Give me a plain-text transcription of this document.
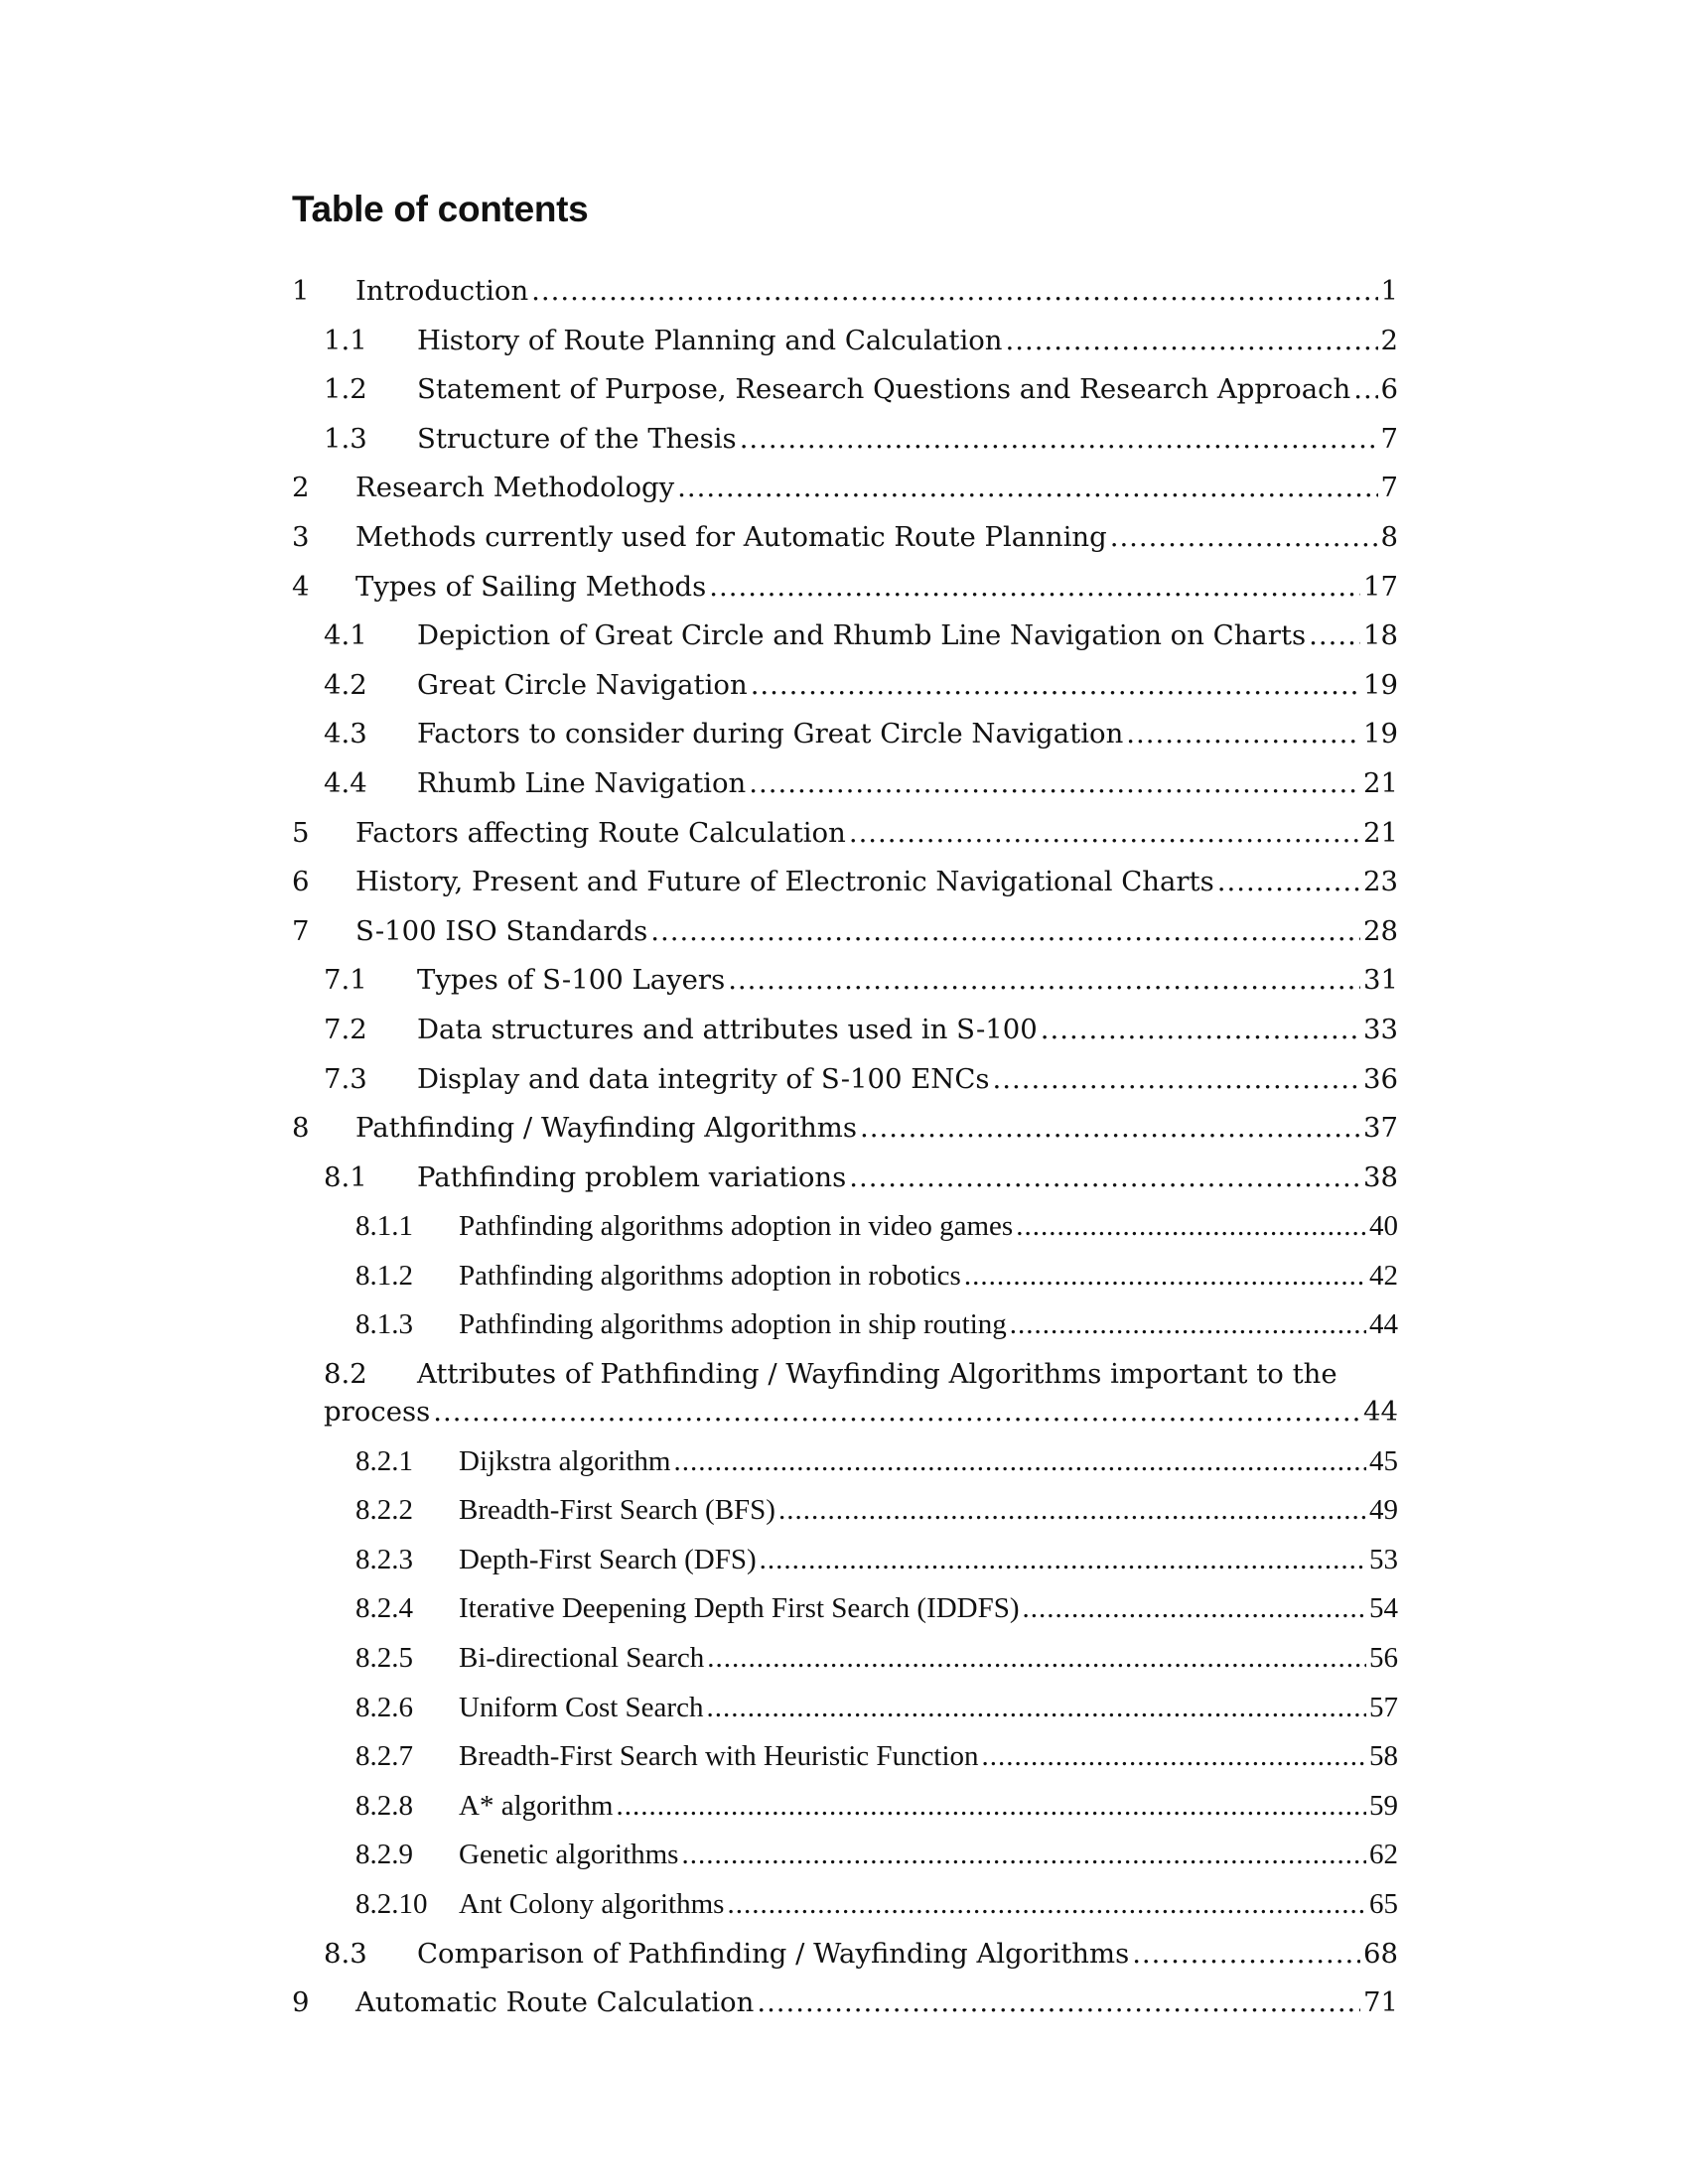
Table of contents
1	Introduction .....	1
1.1	History of Route Planning and Calculation .....	2
1.2	Statement of Purpose, Research Questions and Research Approach ..... 6
1.3	Structure of the Thesis .....	7
2	Research Methodology .....	7
3	Methods currently used for Automatic Route Planning .....	8
4	Types of Sailing Methods .....	17
4.1	Depiction of Great Circle and Rhumb Line Navigation on Charts ..... 18
4.2	Great Circle Navigation .....	19
4.3	Factors to consider during Great Circle Navigation .....	19
4.4	Rhumb Line Navigation .....	21
5	Factors affecting Route Calculation .....	21
6	History, Present and Future of Electronic Navigational Charts .....	23
7	S-100 ISO Standards .....	28
7.1	Types of S-100 Layers .....	31
7.2	Data structures and attributes used in S-100 .....	33
7.3	Display and data integrity of S-100 ENCs .....	36
8	Pathfinding / Wayfinding Algorithms .....	37
8.1	Pathfinding problem variations .....	38
8.1.1	Pathfinding algorithms adoption in video games .....	40
8.1.2	Pathfinding algorithms adoption in robotics .....	42
8.1.3	Pathfinding algorithms adoption in ship routing .....	44
8.2	Attributes of Pathfinding / Wayfinding Algorithms important to the
process .....	44
8.2.1	Dijkstra algorithm .....	45
8.2.2	Breadth-First Search (BFS) .....	49
8.2.3	Depth-First Search (DFS) .....	53
8.2.4	Iterative Deepening Depth First Search (IDDFS) .....	54
8.2.5	Bi-directional Search .....	56
8.2.6	Uniform Cost Search .....	57
8.2.7	Breadth-First Search with Heuristic Function .....	58
8.2.8	A* algorithm .....	59
8.2.9	Genetic algorithms .....	62
8.2.10	Ant Colony algorithms .....	65
8.3	Comparison of Pathfinding / Wayfinding Algorithms .....	68
9	Automatic Route Calculation .....	71
